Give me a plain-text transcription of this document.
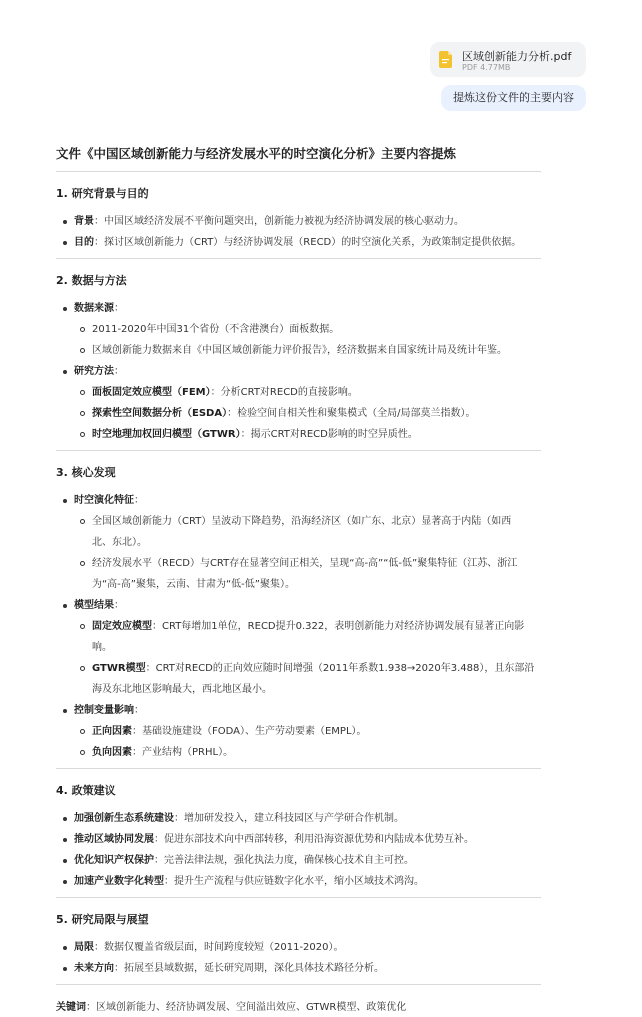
区域创新能力分析.pdf
PDF 4.77MB
提炼这份文件的主要内容
文件《中国区域创新能力与经济发展水平的时空演化分析》主要内容提炼
1. 研究背景与目的
背景：中国区域经济发展不平衡问题突出，创新能力被视为经济协调发展的核心驱动力。
目的：探讨区域创新能力（CRT）与经济协调发展（RECD）的时空演化关系，为政策制定提供依据。
2. 数据与方法
数据来源：
2011-2020年中国31个省份（不含港澳台）面板数据。
区域创新能力数据来自《中国区域创新能力评价报告》，经济数据来自国家统计局及统计年鉴。
研究方法：
面板固定效应模型（FEM）：分析CRT对RECD的直接影响。
探索性空间数据分析（ESDA）：检验空间自相关性和聚集模式（全局/局部莫兰指数）。
时空地理加权回归模型（GTWR）：揭示CRT对RECD影响的时空异质性。
3. 核心发现
时空演化特征：
全国区域创新能力（CRT）呈波动下降趋势，沿海经济区（如广东、北京）显著高于内陆（如西
北、东北）。
经济发展水平（RECD）与CRT存在显著空间正相关，呈现“高-高”“低-低”聚集特征（江苏、浙江
为“高-高”聚集，云南、甘肃为“低-低”聚集）。
模型结果：
固定效应模型：CRT每增加1单位，RECD提升0.322，表明创新能力对经济协调发展有显著正向影
响。
GTWR模型：CRT对RECD的正向效应随时间增强（2011年系数1.938→2020年3.488），且东部沿
海及东北地区影响最大，西北地区最小。
控制变量影响：
正向因素：基础设施建设（FODA）、生产劳动要素（EMPL）。
负向因素：产业结构（PRHL）。
4. 政策建议
加强创新生态系统建设：增加研发投入，建立科技园区与产学研合作机制。
推动区域协同发展：促进东部技术向中西部转移，利用沿海资源优势和内陆成本优势互补。
优化知识产权保护：完善法律法规，强化执法力度，确保核心技术自主可控。
加速产业数字化转型：提升生产流程与供应链数字化水平，缩小区域技术鸿沟。
5. 研究局限与展望
局限：数据仅覆盖省级层面，时间跨度较短（2011-2020）。
未来方向：拓展至县域数据，延长研究周期，深化具体技术路径分析。
关键词：区域创新能力、经济协调发展、空间溢出效应、GTWR模型、政策优化
